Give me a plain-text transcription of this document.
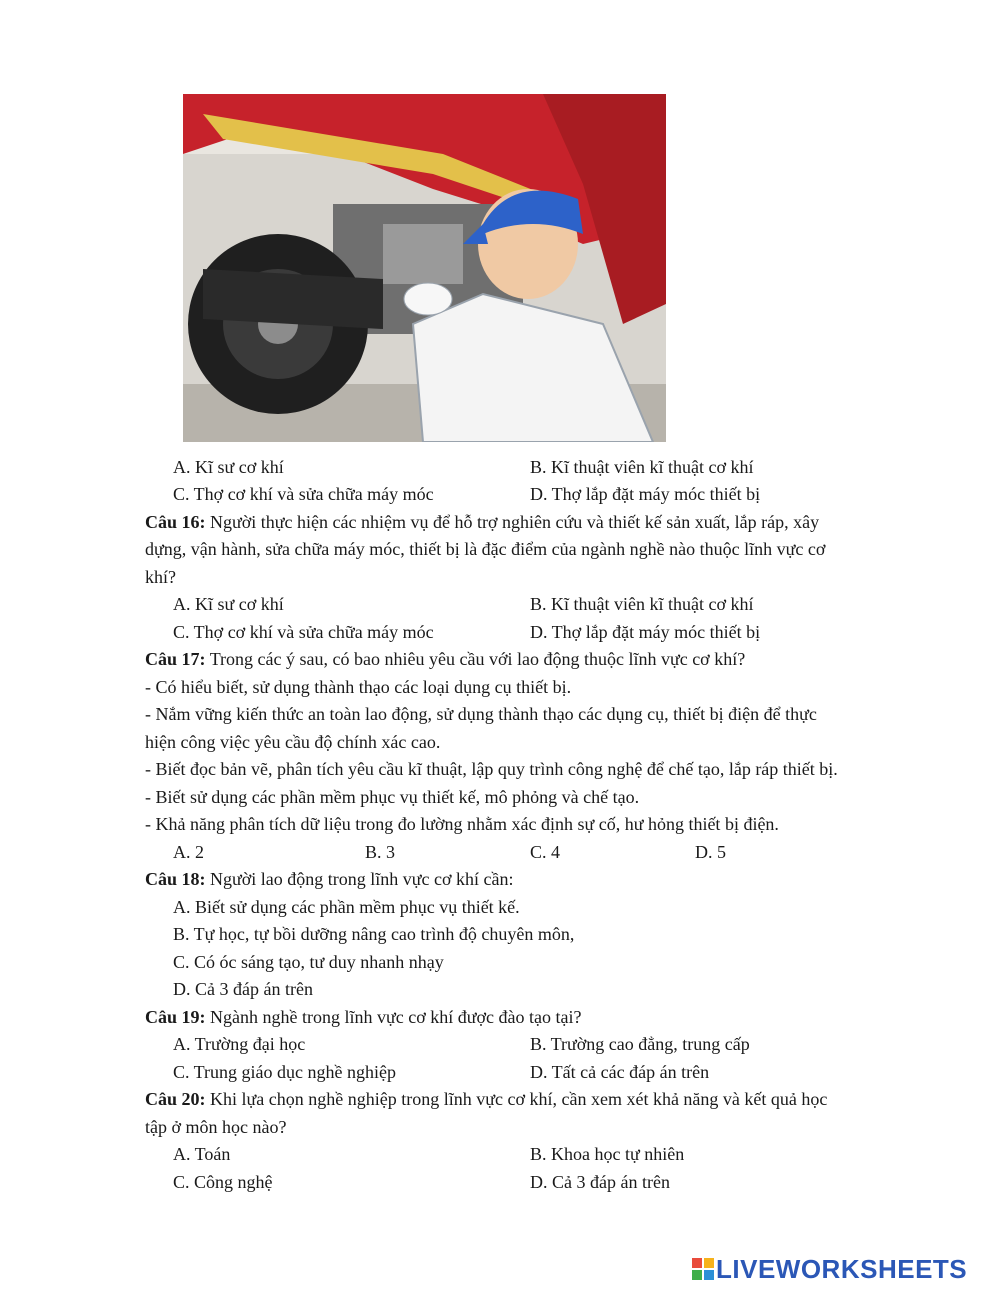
A. Kĩ sư cơ khí	B. Kĩ thuật viên kĩ thuật cơ khí
C. Thợ cơ khí và sửa chữa máy móc	D. Thợ lắp đặt máy móc thiết bị
Câu 16: Người thực hiện các nhiệm vụ để hỗ trợ nghiên cứu và thiết kế sản xuất, lắp ráp, xây
dựng, vận hành, sửa chữa máy móc, thiết bị là đặc điểm của ngành nghề nào thuộc lĩnh vực cơ
khí?
A. Kĩ sư cơ khí	B. Kĩ thuật viên kĩ thuật cơ khí
C. Thợ cơ khí và sửa chữa máy móc	D. Thợ lắp đặt máy móc thiết bị
Câu 17: Trong các ý sau, có bao nhiêu yêu cầu với lao động thuộc lĩnh vực cơ khí?
- Có hiểu biết, sử dụng thành thạo các loại dụng cụ thiết bị.
- Nắm vững kiến thức an toàn lao động, sử dụng thành thạo các dụng cụ, thiết bị điện để thực
hiện công việc yêu cầu độ chính xác cao.
- Biết đọc bản vẽ, phân tích yêu cầu kĩ thuật, lập quy trình công nghệ để chế tạo, lắp ráp thiết bị.
- Biết sử dụng các phần mềm phục vụ thiết kế, mô phỏng và chế tạo.
- Khả năng phân tích dữ liệu trong đo lường nhằm xác định sự cố, hư hỏng thiết bị điện.
A. 2	B. 3	C. 4	D. 5
Câu 18: Người lao động trong lĩnh vực cơ khí cần:
A. Biết sử dụng các phần mềm phục vụ thiết kế.
B. Tự học, tự bồi dưỡng nâng cao trình độ chuyên môn,
C. Có óc sáng tạo, tư duy nhanh nhạy
D. Cả 3 đáp án trên
Câu 19: Ngành nghề trong lĩnh vực cơ khí được đào tạo tại?
A. Trường đại học	B. Trường cao đẳng, trung cấp
C. Trung giáo dục nghề nghiệp	D. Tất cả các đáp án trên
Câu 20: Khi lựa chọn nghề nghiệp trong lĩnh vực cơ khí, cần xem xét khả năng và kết quả học
tập ở môn học nào?
A. Toán	B. Khoa học tự nhiên
C. Công nghệ	D. Cả 3 đáp án trên
LIVEWORKSHEETS
